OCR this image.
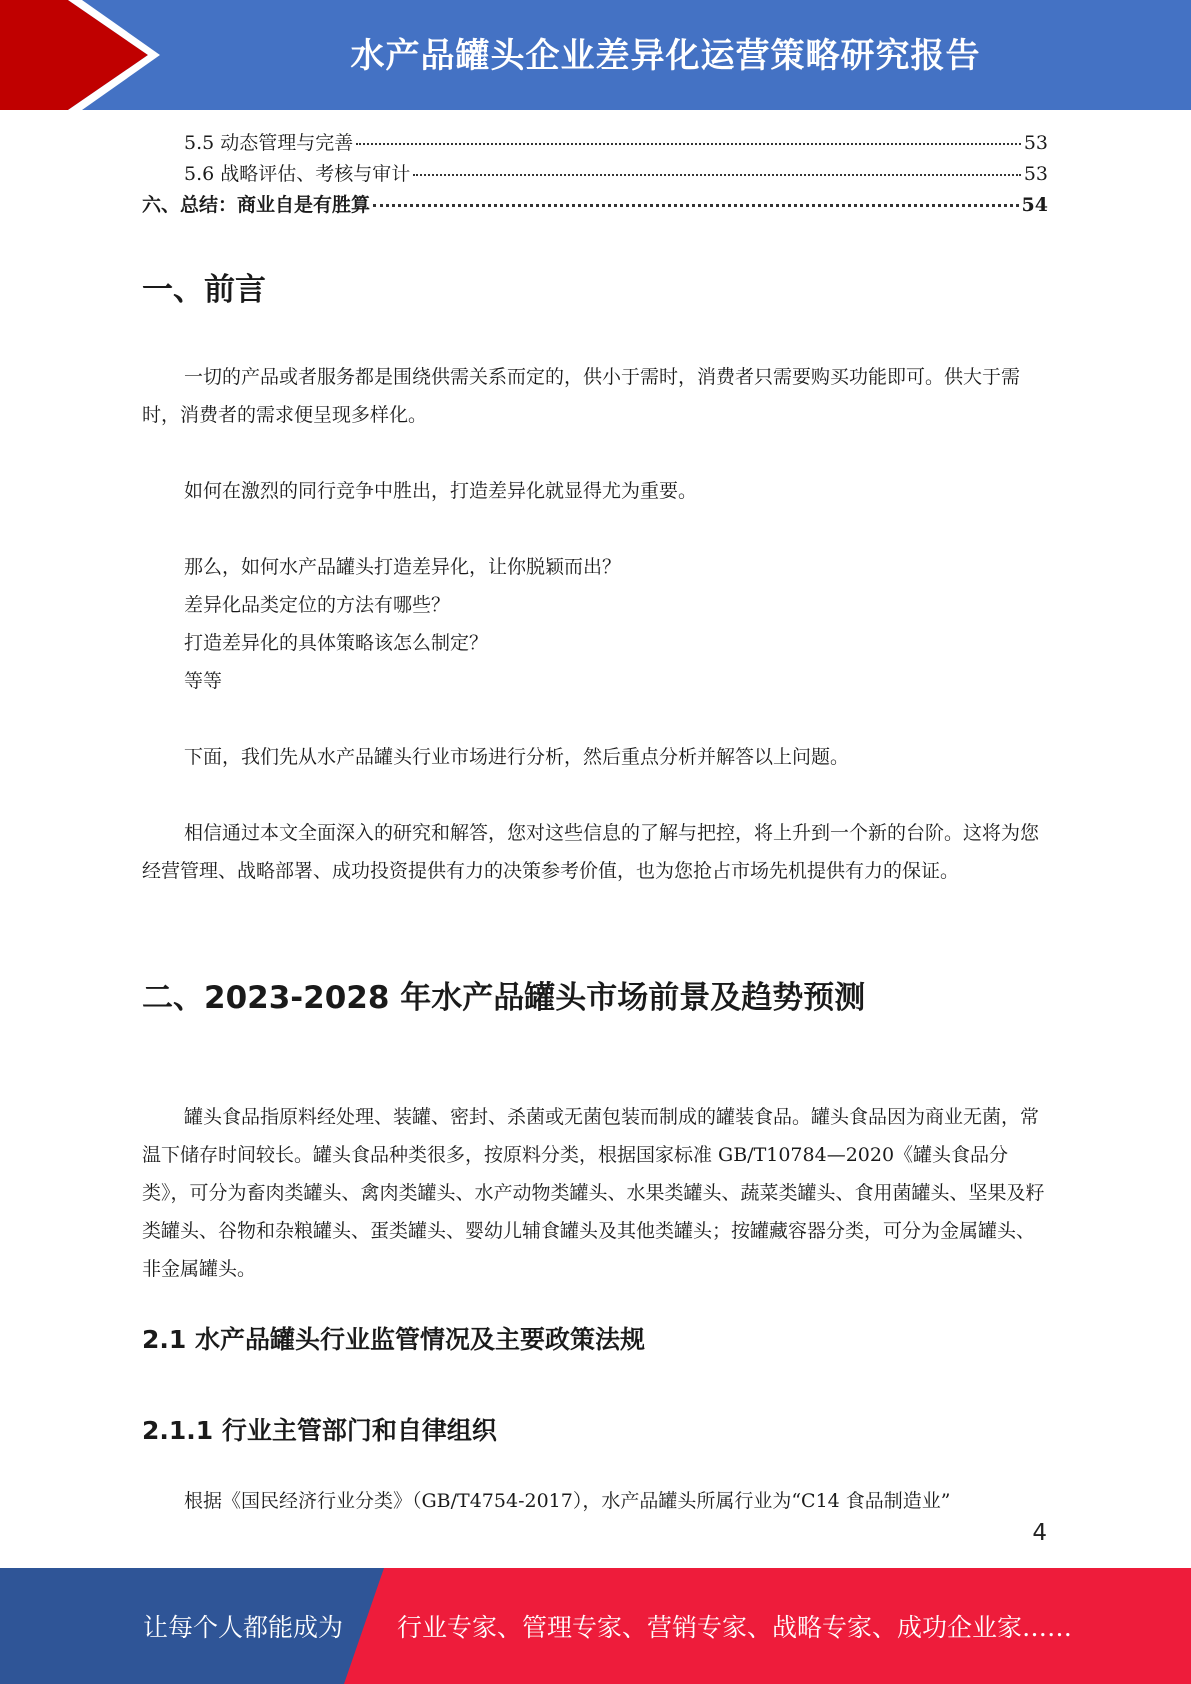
水产品罐头企业差异化运营策略研究报告
5.5 动态管理与完善	53
5.6 战略评估、考核与审计	53
六、总结：商业自是有胜算	54
一、前言

一切的产品或者服务都是围绕供需关系而定的，供小于需时，消费者只需要购买功能即可。供大于需时，消费者的需求便呈现多样化。

如何在激烈的同行竞争中胜出，打造差异化就显得尤为重要。

那么，如何水产品罐头打造差异化，让你脱颖而出？
差异化品类定位的方法有哪些？
打造差异化的具体策略该怎么制定？
等等

下面，我们先从水产品罐头行业市场进行分析，然后重点分析并解答以上问题。

相信通过本文全面深入的研究和解答，您对这些信息的了解与把控，将上升到一个新的台阶。这将为您经营管理、战略部署、成功投资提供有力的决策参考价值，也为您抢占市场先机提供有力的保证。

二、2023-2028 年水产品罐头市场前景及趋势预测

罐头食品指原料经处理、装罐、密封、杀菌或无菌包装而制成的罐装食品。罐头食品因为商业无菌，常温下储存时间较长。罐头食品种类很多，按原料分类，根据国家标准 GB/T10784—2020《罐头食品分类》，可分为畜肉类罐头、禽肉类罐头、水产动物类罐头、水果类罐头、蔬菜类罐头、食用菌罐头、坚果及籽类罐头、谷物和杂粮罐头、蛋类罐头、婴幼儿辅食罐头及其他类罐头；按罐藏容器分类，可分为金属罐头、非金属罐头。

2.1 水产品罐头行业监管情况及主要政策法规
2.1.1 行业主管部门和自律组织

根据《国民经济行业分类》（GB/T4754-2017），水产品罐头所属行业为“C14 食品制造业”

4
让每个人都能成为 行业专家、管理专家、营销专家、战略专家、成功企业家……
